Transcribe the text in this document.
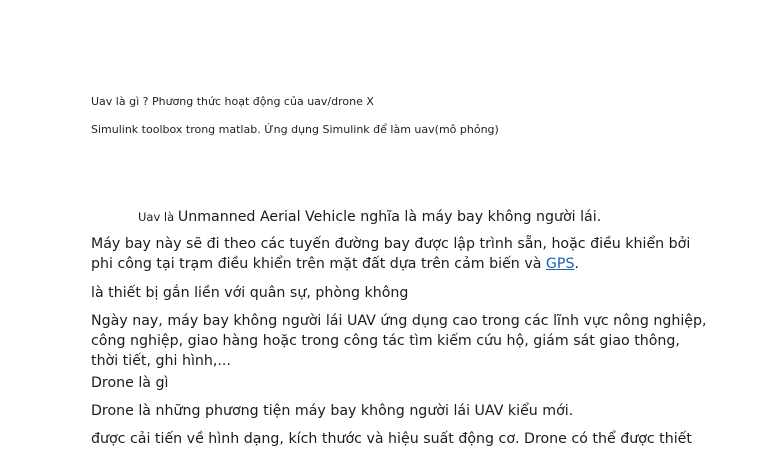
Uav là gì ? Phương thức hoạt động của uav/drone X
Simulink toolbox trong matlab. Ứng dụng Simulink để làm uav(mô phỏng)
Uav là Unmanned Aerial Vehicle nghĩa là máy bay không người lái.
Máy bay này sẽ đi theo các tuyến đường bay được lập trình sẵn, hoặc điều khiển bởi phi công tại trạm điều khiển trên mặt đất dựa trên cảm biến và GPS.
là thiết bị gắn liền với quân sự, phòng không
Ngày nay, máy bay không người lái UAV ứng dụng cao trong các lĩnh vực nông nghiệp, công nghiệp, giao hàng hoặc trong công tác tìm kiếm cứu hộ, giám sát giao thông, thời tiết, ghi hình,...
Drone là gì
Drone là những phương tiện máy bay không người lái UAV kiểu mới.
được cải tiến về hình dạng, kích thước và hiệu suất động cơ. Drone có thể được thiết
